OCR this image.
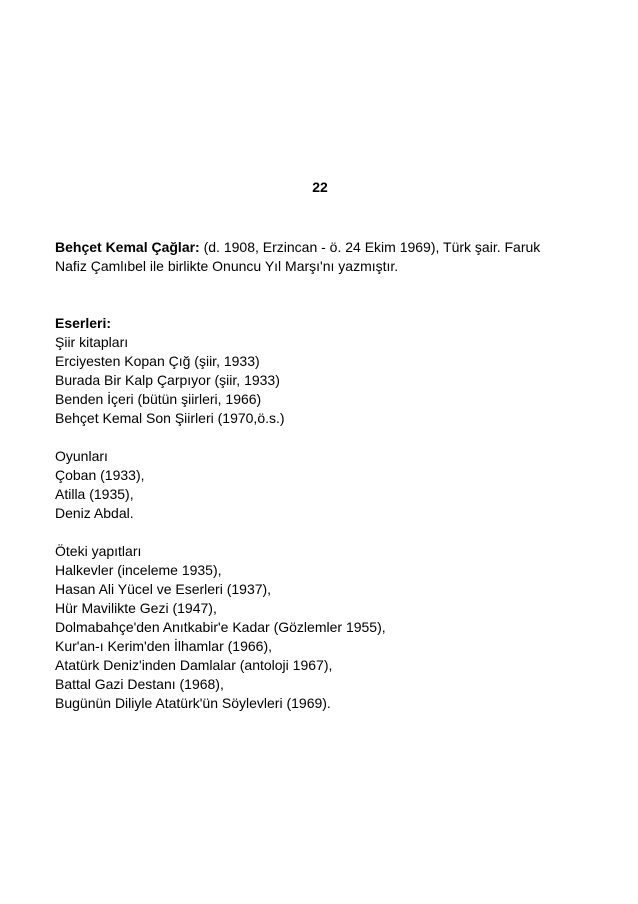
22

Behçet Kemal Çağlar: (d. 1908, Erzincan - ö. 24 Ekim 1969), Türk şair. Faruk
Nafiz Çamlıbel ile birlikte Onuncu Yıl Marşı'nı yazmıştır.

Eserleri:

Şiir kitapları
Erciyesten Kopan Çığ (şiir, 1933)
Burada Bir Kalp Çarpıyor (şiir, 1933)
Benden İçeri (bütün şiirleri, 1966)
Behçet Kemal Son Şiirleri (1970,ö.s.)
Oyunları
Çoban (1933),
Atilla (1935),
Deniz Abdal.
Öteki yapıtları
Halkevler (inceleme 1935),
Hasan Ali Yücel ve Eserleri (1937),
Hür Mavilikte Gezi (1947),
Dolmabahçe'den Anıtkabir'e Kadar (Gözlemler 1955),
Kur'an-ı Kerim'den İlhamlar (1966),
Atatürk Deniz'inden Damlalar (antoloji 1967),
Battal Gazi Destanı (1968),
Bugünün Diliyle Atatürk'ün Söylevleri (1969).
